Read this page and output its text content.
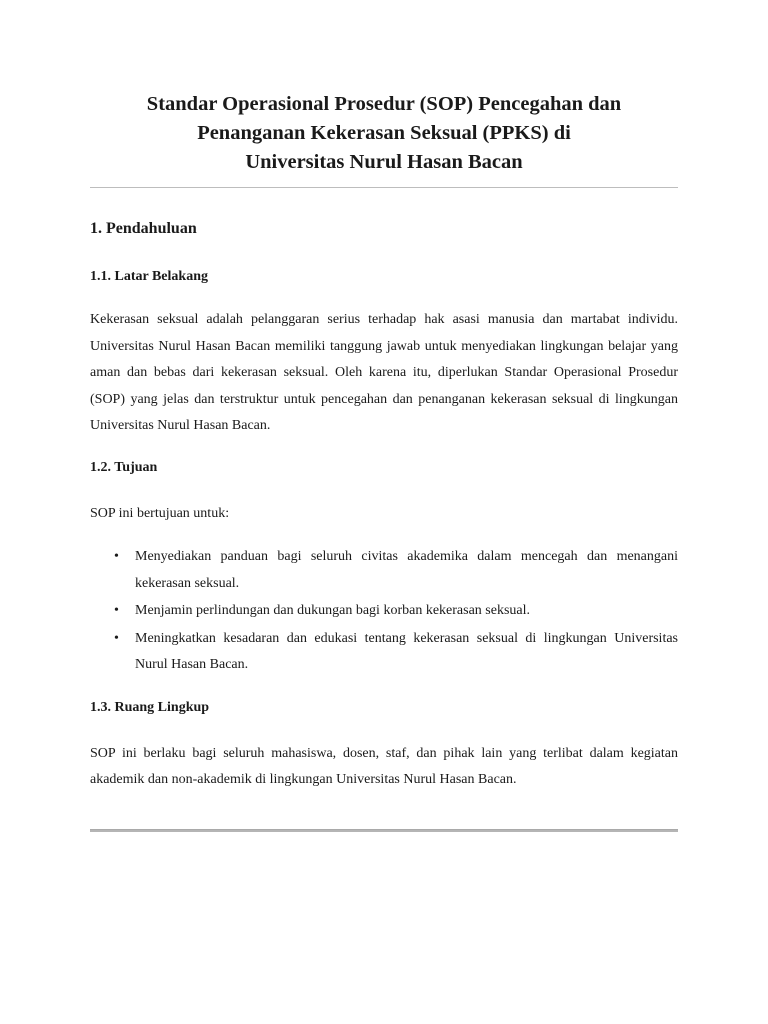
Standar Operasional Prosedur (SOP) Pencegahan dan
Penanganan Kekerasan Seksual (PPKS) di
Universitas Nurul Hasan Bacan
1. Pendahuluan
1.1. Latar Belakang

Kekerasan seksual adalah pelanggaran serius terhadap hak asasi manusia dan martabat individu. Universitas Nurul Hasan Bacan memiliki tanggung jawab untuk menyediakan lingkungan belajar yang aman dan bebas dari kekerasan seksual. Oleh karena itu, diperlukan Standar Operasional Prosedur (SOP) yang jelas dan terstruktur untuk pencegahan dan penanganan kekerasan seksual di lingkungan Universitas Nurul Hasan Bacan.

1.2. Tujuan

SOP ini bertujuan untuk:

• Menyediakan panduan bagi seluruh civitas akademika dalam mencegah dan menangani kekerasan seksual.
• Menjamin perlindungan dan dukungan bagi korban kekerasan seksual.
• Meningkatkan kesadaran dan edukasi tentang kekerasan seksual di lingkungan Universitas Nurul Hasan Bacan.
1.3. Ruang Lingkup

SOP ini berlaku bagi seluruh mahasiswa, dosen, staf, dan pihak lain yang terlibat dalam kegiatan akademik dan non-akademik di lingkungan Universitas Nurul Hasan Bacan.
